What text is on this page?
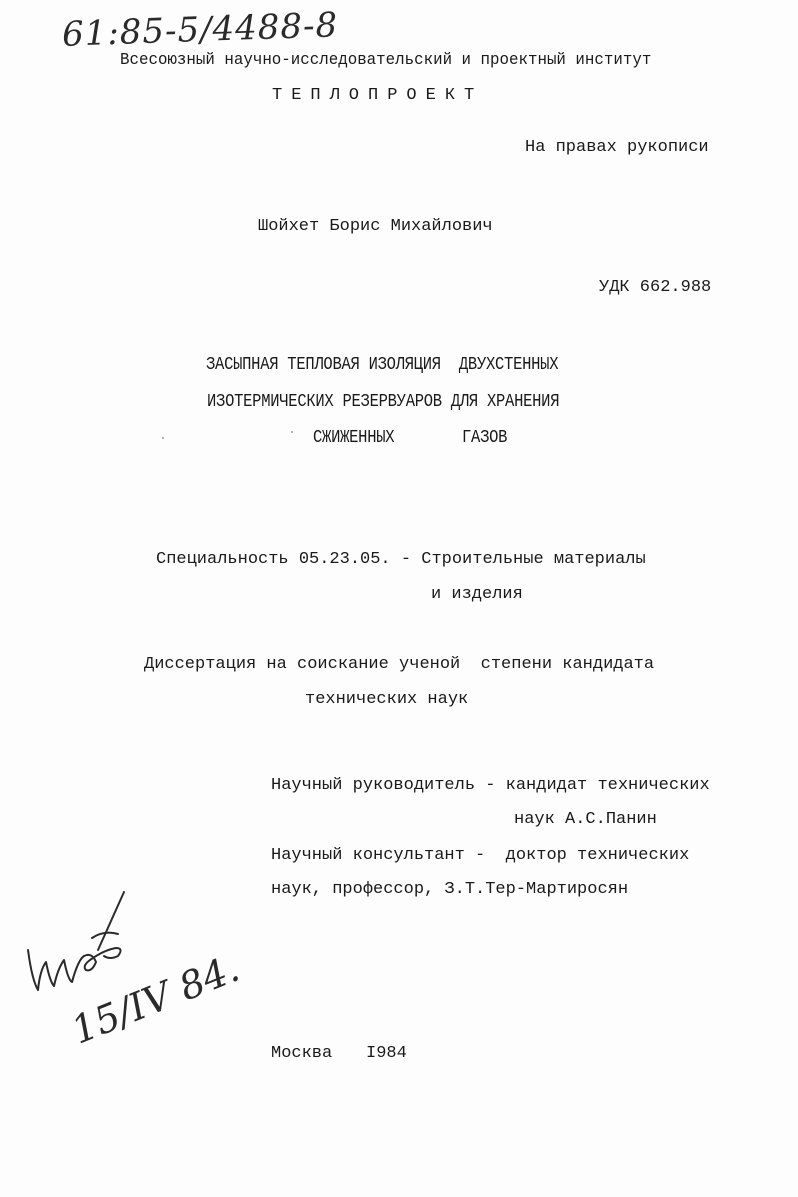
61:85-5/4488-8
Всесоюзный научно-исследовательский и проектный институт
ТЕПЛОПРОЕКТ
На правах рукописи
Шойхет Борис Михайлович
УДК 662.988
ЗАСЫПНАЯ ТЕПЛОВАЯ ИЗОЛЯЦИЯ  ДВУХСТЕННЫХ
ИЗОТЕРМИЧЕСКИХ РЕЗЕРВУАРОВ ДЛЯ ХРАНЕНИЯ
СЖИЖЕННЫХ	ГАЗОВ
Специальность 05.23.05. - Строительные материалы
и изделия
Диссертация на соискание ученой  степени кандидата
технических наук
Научный руководитель - кандидат технических
наук А.С.Панин
Научный консультант -  доктор технических
наук, профессор, З.Т.Тер-Мартиросян
15/IV 84.
Москва I984
